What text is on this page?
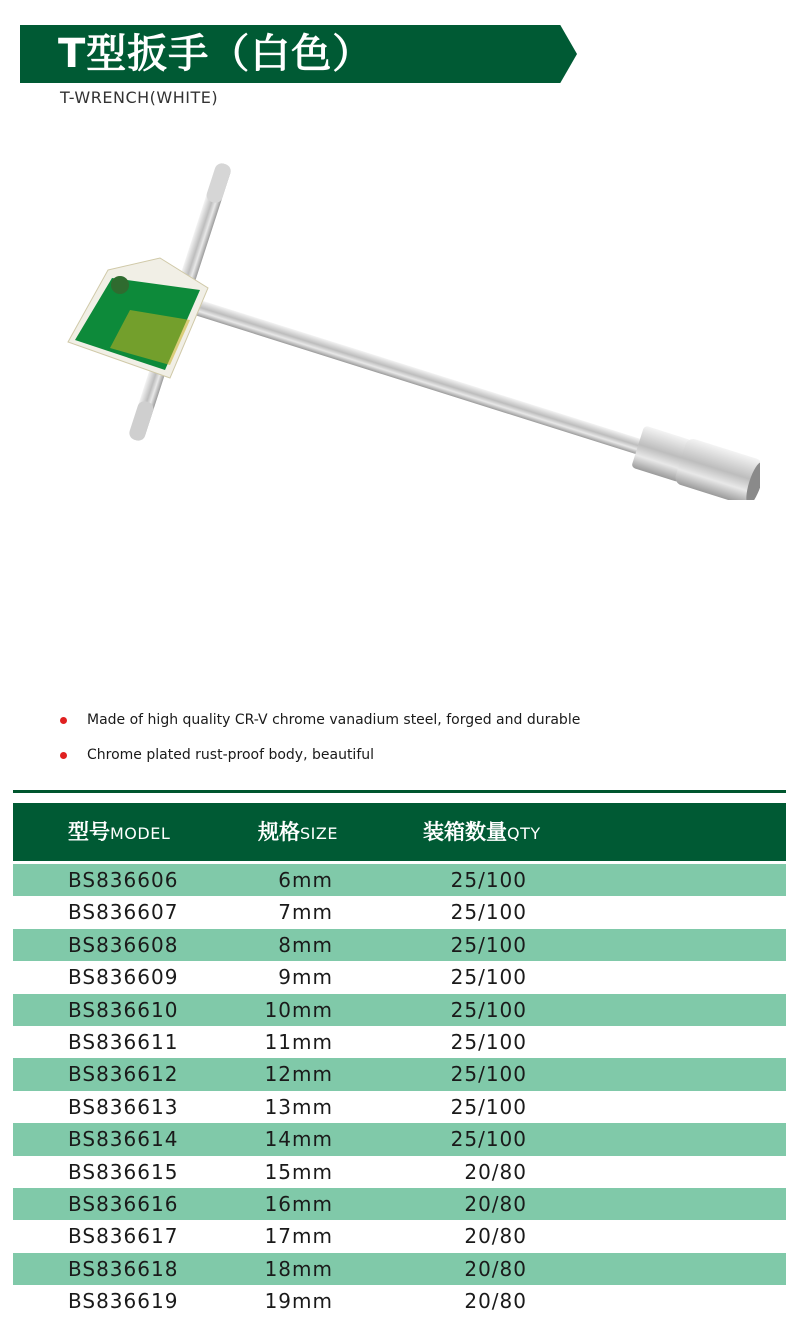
T型扳手（白色）
T-WRENCH(WHITE)
Made of high quality CR-V chrome vanadium steel, forged and durable
Chrome plated rust-proof body, beautiful
型号MODEL	规格SIZE	装箱数量QTY
BS836606	6mm	25/100
BS836607	7mm	25/100
BS836608	8mm	25/100
BS836609	9mm	25/100
BS836610	10mm	25/100
BS836611	11mm	25/100
BS836612	12mm	25/100
BS836613	13mm	25/100
BS836614	14mm	25/100
BS836615	15mm	20/80
BS836616	16mm	20/80
BS836617	17mm	20/80
BS836618	18mm	20/80
BS836619	19mm	20/80
